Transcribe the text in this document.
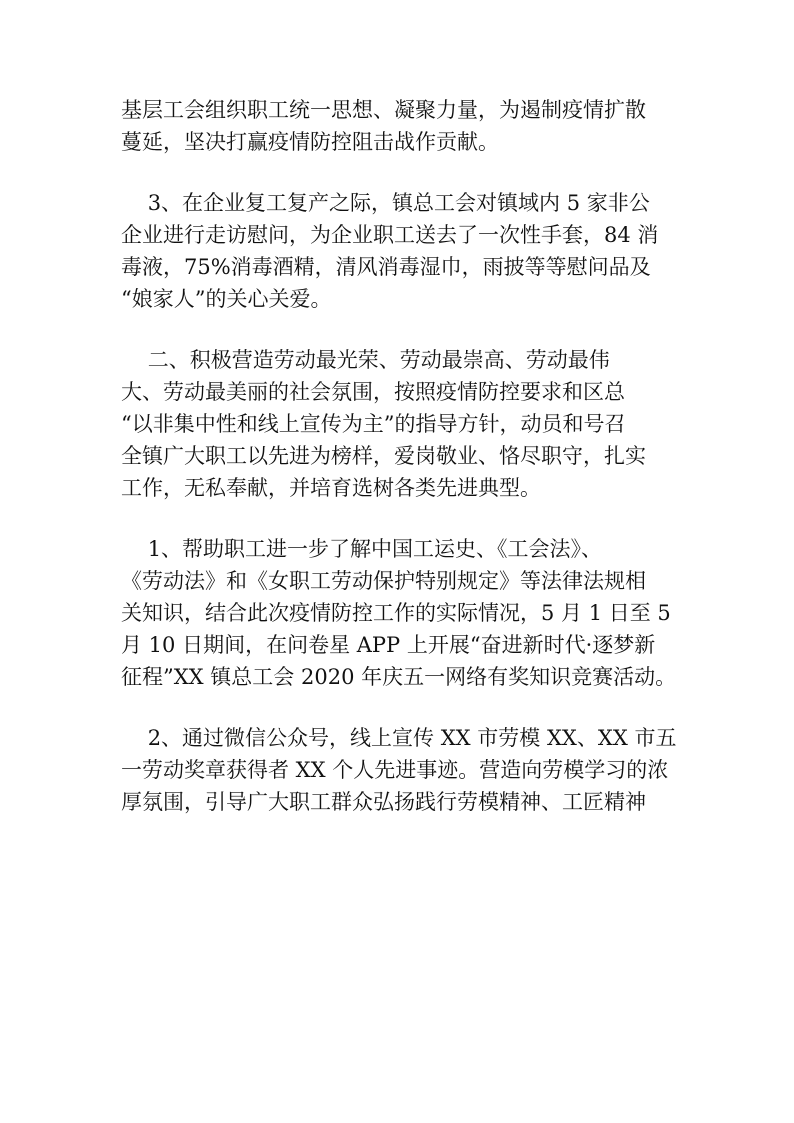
基层工会组织职工统一思想、凝聚力量，为遏制疫情扩散
蔓延，坚决打赢疫情防控阻击战作贡献。
3、在企业复工复产之际，镇总工会对镇域内 5 家非公
企业进行走访慰问，为企业职工送去了一次性手套，84 消
毒液，75%消毒酒精，清风消毒湿巾，雨披等等慰问品及
“娘家人”的关心关爱。
二、积极营造劳动最光荣、劳动最崇高、劳动最伟
大、劳动最美丽的社会氛围，按照疫情防控要求和区总
“以非集中性和线上宣传为主”的指导方针，动员和号召
全镇广大职工以先进为榜样，爱岗敬业、恪尽职守，扎实
工作，无私奉献，并培育选树各类先进典型。
1、帮助职工进一步了解中国工运史、《工会法》、
《劳动法》和《女职工劳动保护特别规定》等法律法规相
关知识，结合此次疫情防控工作的实际情况，5 月 1 日至 5
月 10 日期间，在问卷星 APP 上开展“奋进新时代·逐梦新
征程”XX 镇总工会 2020 年庆五一网络有奖知识竞赛活动。
2、通过微信公众号，线上宣传 XX 市劳模 XX、XX 市五
一劳动奖章获得者 XX 个人先进事迹。营造向劳模学习的浓
厚氛围，引导广大职工群众弘扬践行劳模精神、工匠精神
